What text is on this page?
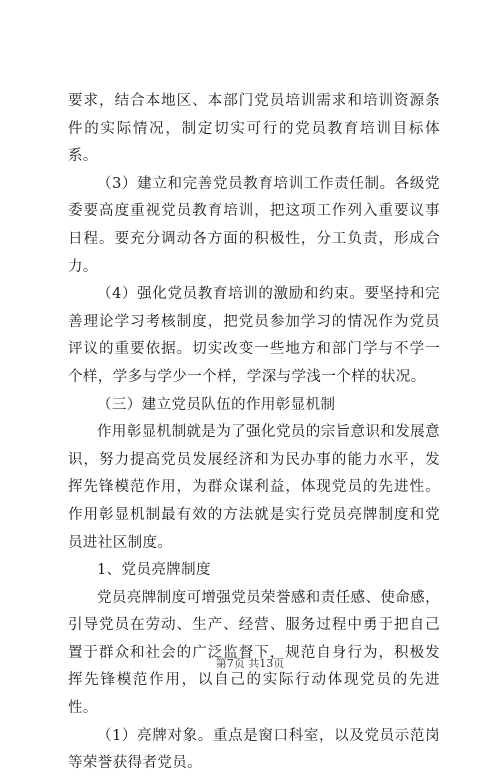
要求，结合本地区、本部门党员培训需求和培训资源条件的实际情况，制定切实可行的党员教育培训目标体系。

（3）建立和完善党员教育培训工作责任制。各级党委要高度重视党员教育培训，把这项工作列入重要议事日程。要充分调动各方面的积极性，分工负责，形成合力。

（4）强化党员教育培训的激励和约束。要坚持和完善理论学习考核制度，把党员参加学习的情况作为党员评议的重要依据。切实改变一些地方和部门学与不学一个样，学多与学少一个样，学深与学浅一个样的状况。

（三）建立党员队伍的作用彰显机制

作用彰显机制就是为了强化党员的宗旨意识和发展意识，努力提高党员发展经济和为民办事的能力水平，发挥先锋模范作用，为群众谋利益，体现党员的先进性。作用彰显机制最有效的方法就是实行党员亮牌制度和党员进社区制度。

1、党员亮牌制度

党员亮牌制度可增强党员荣誉感和责任感、使命感，引导党员在劳动、生产、经营、服务过程中勇于把自己置于群众和社会的广泛监督下，规范自身行为，积极发挥先锋模范作用，以自己的实际行动体现党员的先进性。

（1）亮牌对象。重点是窗口科室，以及党员示范岗等荣誉获得者党员。

第7页 共13页
